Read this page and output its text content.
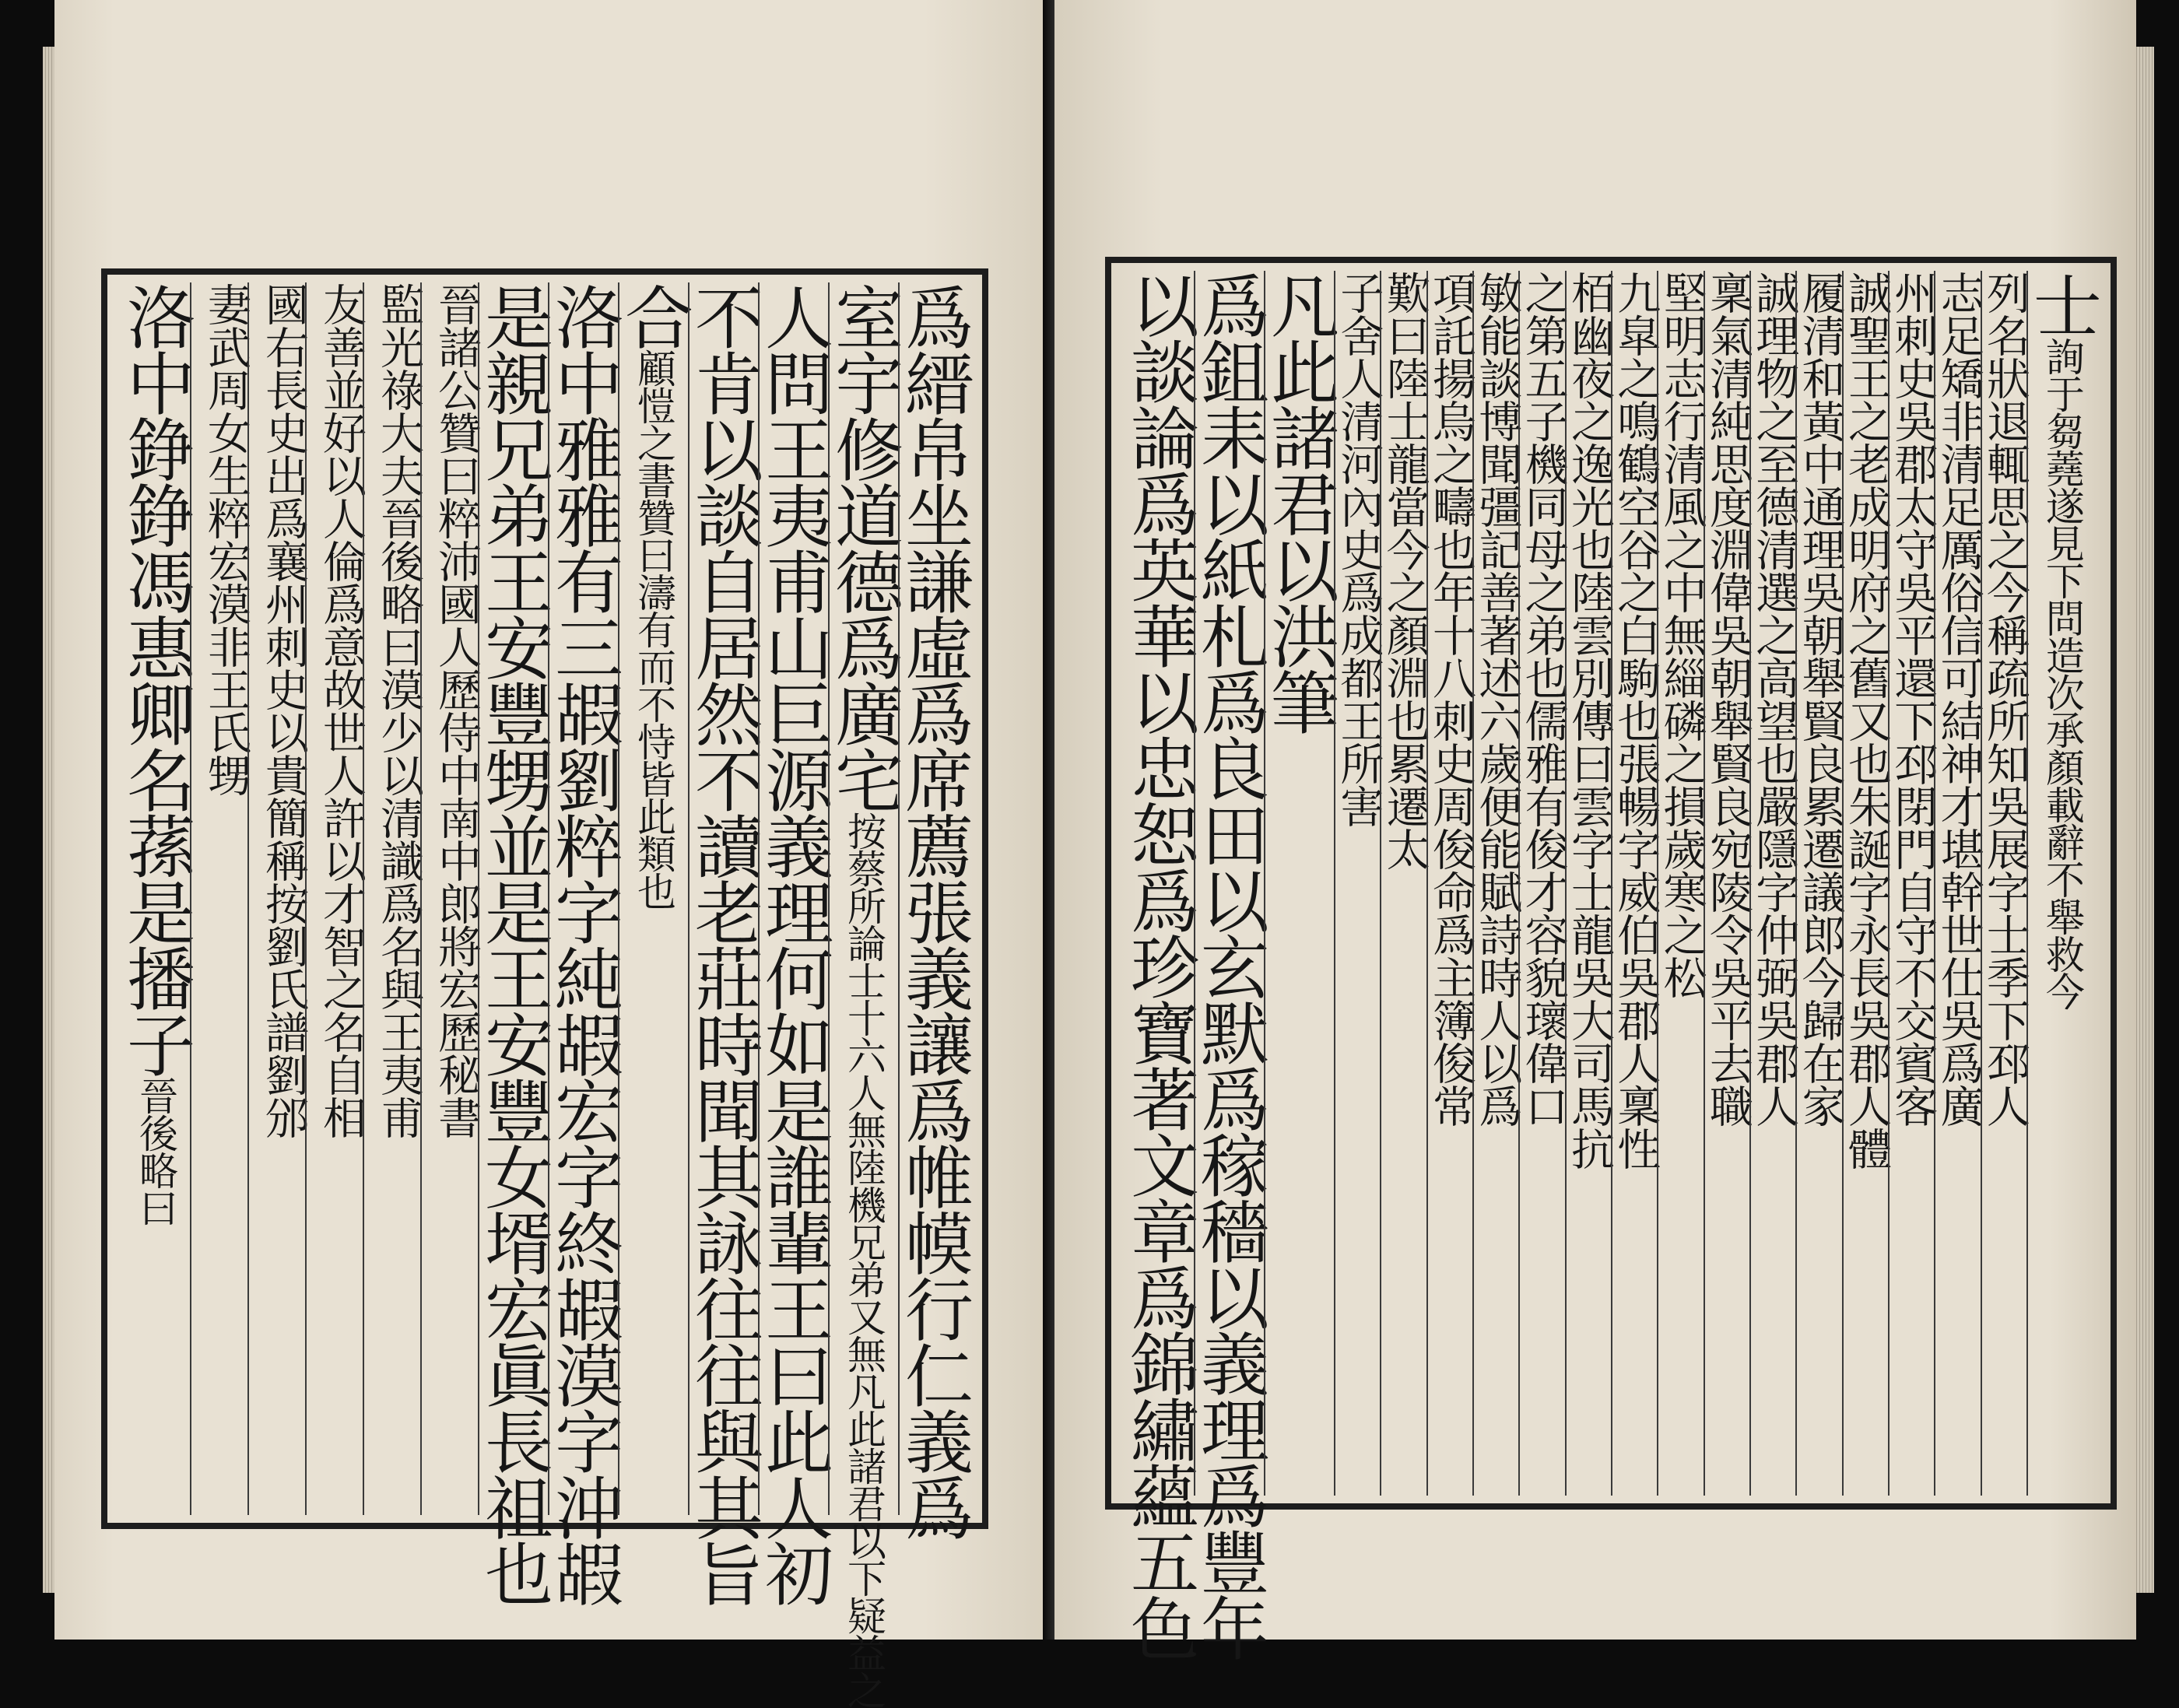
爲縉帛坐謙虛爲席薦張義讓爲帷幙行仁義爲
室宇修道德爲廣宅按蔡所論士十六人無陸機兄弟又無凡此諸君以下疑益之
人問王夷甫山巨源義理何如是誰輩王曰此人初
不肯以談自居然不讀老莊時聞其詠往往與其旨
合顧愷之書贊曰濤有而不恃皆此類也
洛中雅雅有三嘏劉粹字純嘏宏字終嘏漠字沖嘏
是親兄弟王安豐甥並是王安豐女壻宏眞長祖也
晉諸公贊曰粹沛國人歷侍中南中郎將宏歷秘書
監光祿大夫晉後略曰漠少以清識爲名與王夷甫
友善並好以人倫爲意故世人許以才智之名自相
國右長史出爲襄州刺史以貴簡稱按劉氏譜劉邠
妻武周女生粹宏漠非王氏甥
洛中錚錚馮惠卿名蓀是播子晉後略曰
士詢于芻蕘遂見下問造次承顏載辭不舉救今
列名狀退輒思之今稱疏所知吳展字士季下邳人
志足矯非清足厲俗信可結神才堪幹世仕吳爲廣
州刺史吳郡太守吳平還下邳閉門自守不交賓客
誠聖王之老成明府之舊又也朱誕字永長吳郡人體
履清和黃中通理吳朝舉賢良累遷議郎今歸在家
誠理物之至德清選之高望也嚴隱字仲弼吳郡人
稟氣清純思度淵偉吳朝舉賢良宛陵令吳平去職
堅明志行清風之中無緇磷之損歲寒之松
九皐之鳴鶴空谷之白駒也張暢字威伯吳郡人稟性
栢幽夜之逸光也陸雲別傳曰雲字士龍吳大司馬抗
之第五子機同母之弟也儒雅有俊才容貌瓌偉口
敏能談博聞彊記善著述六歲便能賦詩時人以爲
項託揚烏之疇也年十八刺史周俊命爲主簿俊常
歎曰陸士龍當今之顏淵也累遷太
子舍人清河內史爲成都王所害
凡此諸君以洪筆
爲鉏耒以紙札爲良田以玄默爲稼穡以義理爲豐年
以談論爲英華以忠恕爲珍寶著文章爲錦繡蘊五色
